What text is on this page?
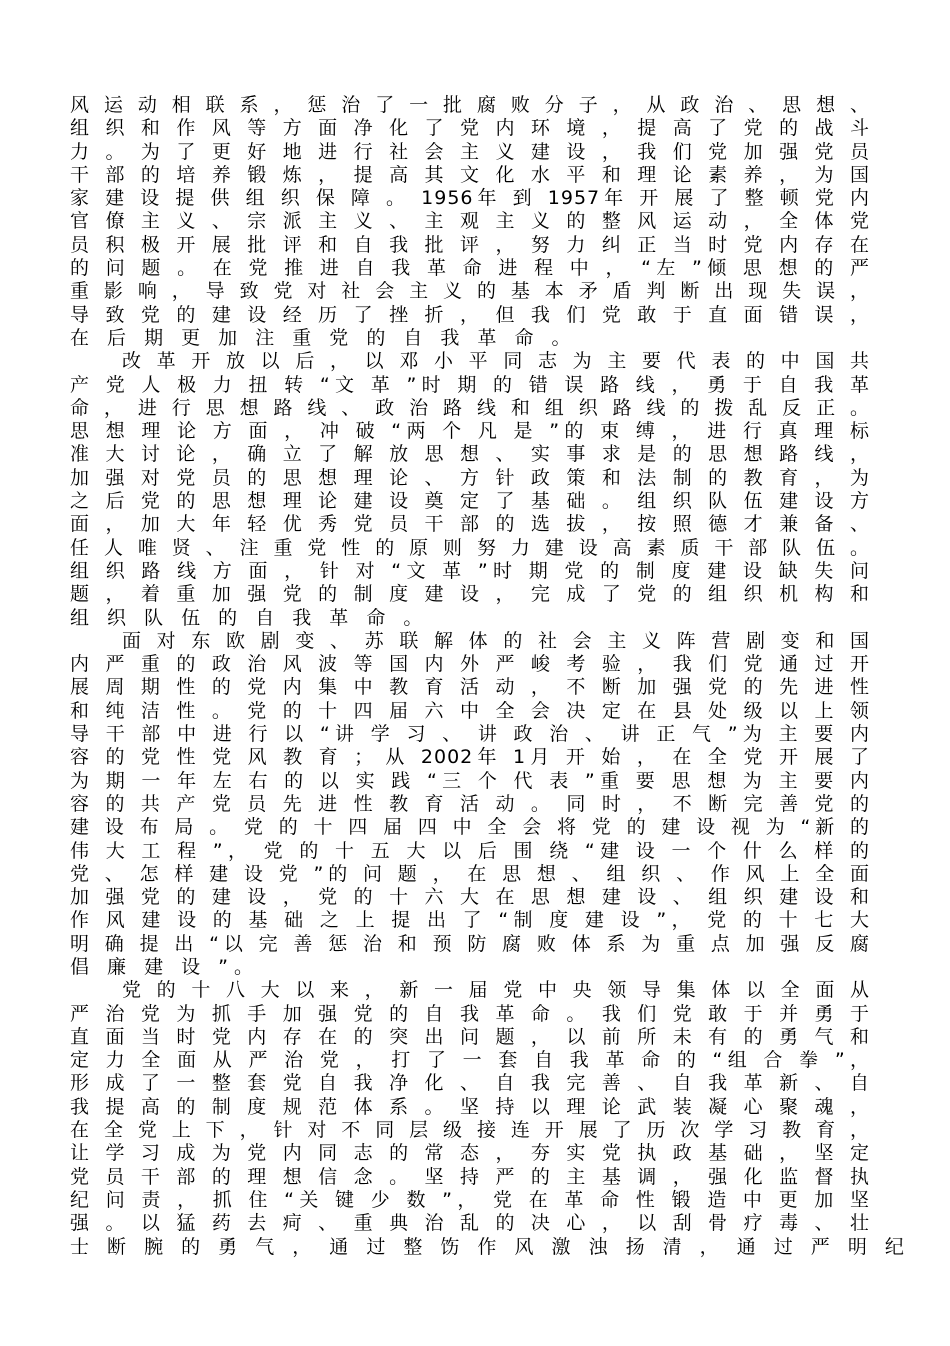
风 运 动 相 联 系 ， 惩 治 了 一 批 腐 败 分 子 ， 从 政 治 、 思 想 、
组 织 和 作 风 等 方 面 净 化 了 党 内 环 境 ， 提 高 了 党 的 战 斗
力 。 为 了 更 好 地 进 行 社 会 主 义 建 设 ， 我 们 党 加 强 党 员
干 部 的 培 养 锻 炼 ， 提 高 其 文 化 水 平 和 理 论 素 养 ， 为 国
家 建 设 提 供 组 织 保 障 。 1956年 到 1957年 开 展 了 整 顿 党 内
官 僚 主 义 、 宗 派 主 义 、 主 观 主 义 的 整 风 运 动 ， 全 体 党
员 积 极 开 展 批 评 和 自 我 批 评 ， 努 力 纠 正 当 时 党 内 存 在
的 问 题 。 在 党 推 进 自 我 革 命 进 程 中 ， “左 ”倾 思 想 的 严
重 影 响 ， 导 致 党 对 社 会 主 义 的 基 本 矛 盾 判 断 出 现 失 误 ，
导 致 党 的 建 设 经 历 了 挫 折 ， 但 我 们 党 敢 于 直 面 错 误 ，
在 后 期 更 加 注 重 党 的 自 我 革 命 。
改 革 开 放 以 后 ， 以 邓 小 平 同 志 为 主 要 代 表 的 中 国 共
产 党 人 极 力 扭 转 “文 革 ”时 期 的 错 误 路 线 ， 勇 于 自 我 革
命 ， 进 行 思 想 路 线 、 政 治 路 线 和 组 织 路 线 的 拨 乱 反 正 。
思 想 理 论 方 面 ， 冲 破 “两 个 凡 是 ”的 束 缚 ， 进 行 真 理 标
准 大 讨 论 ， 确 立 了 解 放 思 想 、 实 事 求 是 的 思 想 路 线 ，
加 强 对 党 员 的 思 想 理 论 、 方 针 政 策 和 法 制 的 教 育 ， 为
之 后 党 的 思 想 理 论 建 设 奠 定 了 基 础 。 组 织 队 伍 建 设 方
面 ， 加 大 年 轻 优 秀 党 员 干 部 的 选 拔 ， 按 照 德 才 兼 备 、
任 人 唯 贤 、 注 重 党 性 的 原 则 努 力 建 设 高 素 质 干 部 队 伍 。
组 织 路 线 方 面 ， 针 对 “文 革 ”时 期 党 的 制 度 建 设 缺 失 问
题 ， 着 重 加 强 党 的 制 度 建 设 ， 完 成 了 党 的 组 织 机 构 和
组 织 队 伍 的 自 我 革 命 。
面 对 东 欧 剧 变 、 苏 联 解 体 的 社 会 主 义 阵 营 剧 变 和 国
内 严 重 的 政 治 风 波 等 国 内 外 严 峻 考 验 ， 我 们 党 通 过 开
展 周 期 性 的 党 内 集 中 教 育 活 动 ， 不 断 加 强 党 的 先 进 性
和 纯 洁 性 。 党 的 十 四 届 六 中 全 会 决 定 在 县 处 级 以 上 领
导 干 部 中 进 行 以 “讲 学 习 、 讲 政 治 、 讲 正 气 ”为 主 要 内
容 的 党 性 党 风 教 育 ； 从 2002年 1月 开 始 ， 在 全 党 开 展 了
为 期 一 年 左 右 的 以 实 践 “三 个 代 表 ”重 要 思 想 为 主 要 内
容 的 共 产 党 员 先 进 性 教 育 活 动 。 同 时 ， 不 断 完 善 党 的
建 设 布 局 。 党 的 十 四 届 四 中 全 会 将 党 的 建 设 视 为 “新 的
伟 大 工 程 ”， 党 的 十 五 大 以 后 围 绕 “建 设 一 个 什 么 样 的
党 、 怎 样 建 设 党 ”的 问 题 ， 在 思 想 、 组 织 、 作 风 上 全 面
加 强 党 的 建 设 ， 党 的 十 六 大 在 思 想 建 设 、 组 织 建 设 和
作 风 建 设 的 基 础 之 上 提 出 了 “制 度 建 设 ”， 党 的 十 七 大
明 确 提 出 “以 完 善 惩 治 和 预 防 腐 败 体 系 为 重 点 加 强 反 腐
倡 廉 建 设 ”。
党 的 十 八 大 以 来 ， 新 一 届 党 中 央 领 导 集 体 以 全 面 从
严 治 党 为 抓 手 加 强 党 的 自 我 革 命 。 我 们 党 敢 于 并 勇 于
直 面 当 时 党 内 存 在 的 突 出 问 题 ， 以 前 所 未 有 的 勇 气 和
定 力 全 面 从 严 治 党 ， 打 了 一 套 自 我 革 命 的 “组 合 拳 ”，
形 成 了 一 整 套 党 自 我 净 化 、 自 我 完 善 、 自 我 革 新 、 自
我 提 高 的 制 度 规 范 体 系 。 坚 持 以 理 论 武 装 凝 心 聚 魂 ，
在 全 党 上 下 ， 针 对 不 同 层 级 接 连 开 展 了 历 次 学 习 教 育 ，
让 学 习 成 为 党 内 同 志 的 常 态 ， 夯 实 党 执 政 基 础 ， 坚 定
党 员 干 部 的 理 想 信 念 。 坚 持 严 的 主 基 调 ， 强 化 监 督 执
纪 问 责 ， 抓 住 “关 键 少 数 ”， 党 在 革 命 性 锻 造 中 更 加 坚
强 。 以 猛 药 去 疴 、 重 典 治 乱 的 决 心 ， 以 刮 骨 疗 毒 、 壮
士 断 腕 的 勇 气 ， 通 过 整 饬 作 风 激 浊 扬 清 ， 通 过 严 明 纪
